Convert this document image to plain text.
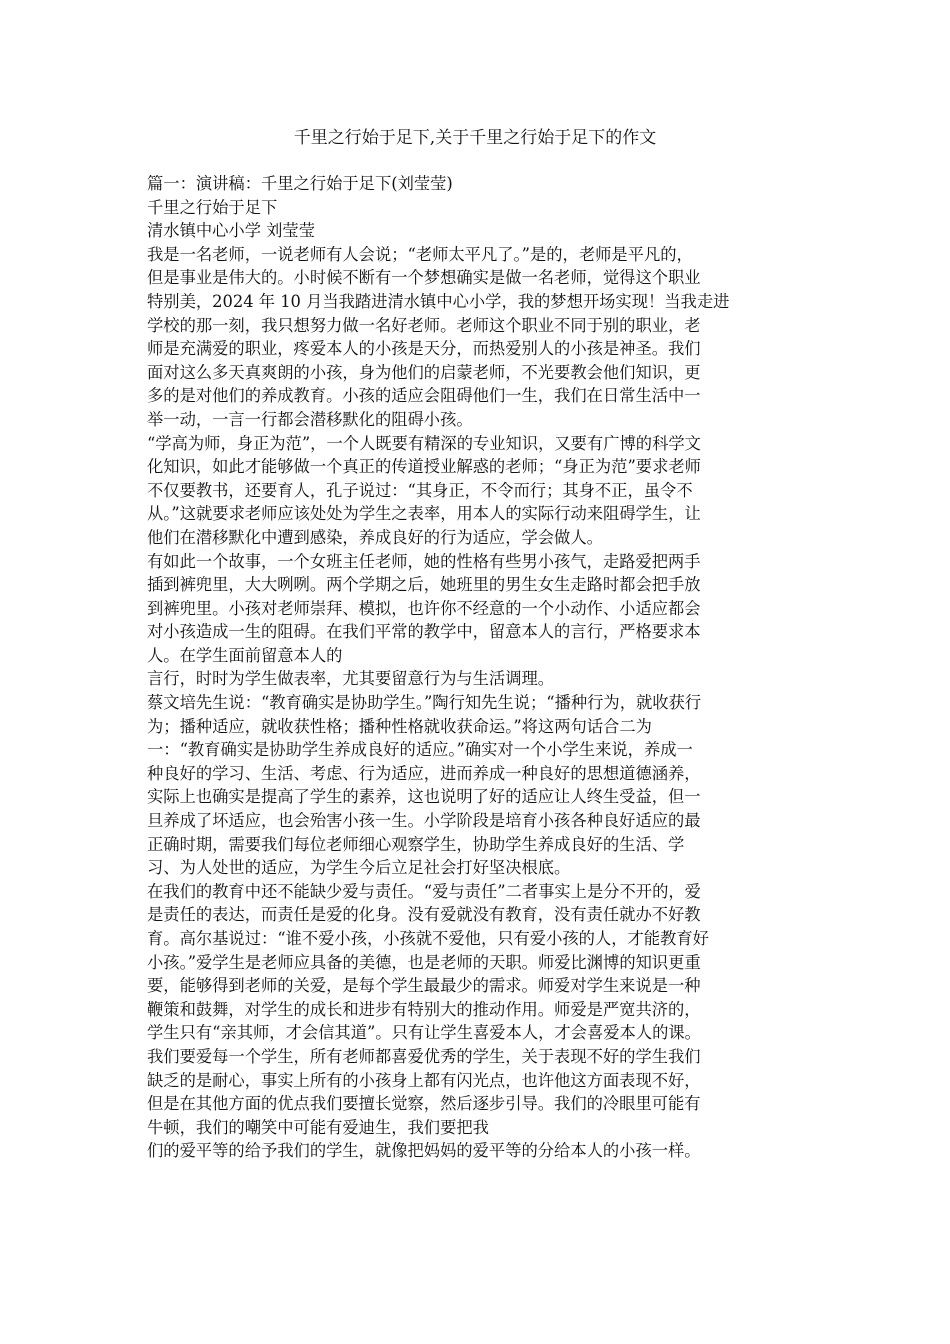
千里之行始于足下,关于千里之行始于足下的作文

篇一：演讲稿：千里之行始于足下(刘莹莹)

千里之行始于足下

清水镇中心小学 刘莹莹

我是一名老师，一说老师有人会说；“老师太平凡了。”是的，老师是平凡的，

但是事业是伟大的。小时候不断有一个梦想确实是做一名老师，觉得这个职业

特别美，2024 年 10 月当我踏进清水镇中心小学，我的梦想开场实现！当我走进

学校的那一刻，我只想努力做一名好老师。老师这个职业不同于别的职业，老

师是充满爱的职业，疼爱本人的小孩是天分，而热爱别人的小孩是神圣。我们

面对这么多天真爽朗的小孩，身为他们的启蒙老师，不光要教会他们知识，更

多的是对他们的养成教育。小孩的适应会阻碍他们一生，我们在日常生活中一

举一动，一言一行都会潜移默化的阻碍小孩。

“学高为师，身正为范”，一个人既要有精深的专业知识，又要有广博的科学文

化知识，如此才能够做一个真正的传道授业解惑的老师；“身正为范”要求老师

不仅要教书，还要育人，孔子说过：“其身正，不令而行；其身不正，虽令不

从。”这就要求老师应该处处为学生之表率，用本人的实际行动来阻碍学生，让

他们在潜移默化中遭到感染，养成良好的行为适应，学会做人。

有如此一个故事，一个女班主任老师，她的性格有些男小孩气，走路爱把两手

插到裤兜里，大大咧咧。两个学期之后，她班里的男生女生走路时都会把手放

到裤兜里。小孩对老师崇拜、模拟，也许你不经意的一个小动作、小适应都会

对小孩造成一生的阻碍。在我们平常的教学中，留意本人的言行，严格要求本

人。在学生面前留意本人的

言行，时时为学生做表率，尤其要留意行为与生活调理。

蔡文培先生说：“教育确实是协助学生。”陶行知先生说；“播种行为，就收获行

为；播种适应，就收获性格；播种性格就收获命运。”将这两句话合二为

一：“教育确实是协助学生养成良好的适应。”确实对一个小学生来说，养成一

种良好的学习、生活、考虑、行为适应，进而养成一种良好的思想道德涵养，

实际上也确实是提高了学生的素养，这也说明了好的适应让人终生受益，但一

旦养成了坏适应，也会殆害小孩一生。小学阶段是培育小孩各种良好适应的最

正确时期，需要我们每位老师细心观察学生，协助学生养成良好的生活、学

习、为人处世的适应，为学生今后立足社会打好坚决根底。

在我们的教育中还不能缺少爱与责任。“爱与责任”二者事实上是分不开的，爱

是责任的表达，而责任是爱的化身。没有爱就没有教育，没有责任就办不好教

育。高尔基说过：“谁不爱小孩，小孩就不爱他，只有爱小孩的人，才能教育好

小孩。”爱学生是老师应具备的美德，也是老师的天职。师爱比渊博的知识更重

要，能够得到老师的关爱，是每个学生最最少的需求。师爱对学生来说是一种

鞭策和鼓舞，对学生的成长和进步有特别大的推动作用。师爱是严宽共济的，

学生只有“亲其师，才会信其道”。只有让学生喜爱本人，才会喜爱本人的课。

我们要爱每一个学生，所有老师都喜爱优秀的学生，关于表现不好的学生我们

缺乏的是耐心，事实上所有的小孩身上都有闪光点，也许他这方面表现不好，

但是在其他方面的优点我们要擅长觉察，然后逐步引导。我们的冷眼里可能有

牛顿，我们的嘲笑中可能有爱迪生，我们要把我

们的爱平等的给予我们的学生，就像把妈妈的爱平等的分给本人的小孩一样。
